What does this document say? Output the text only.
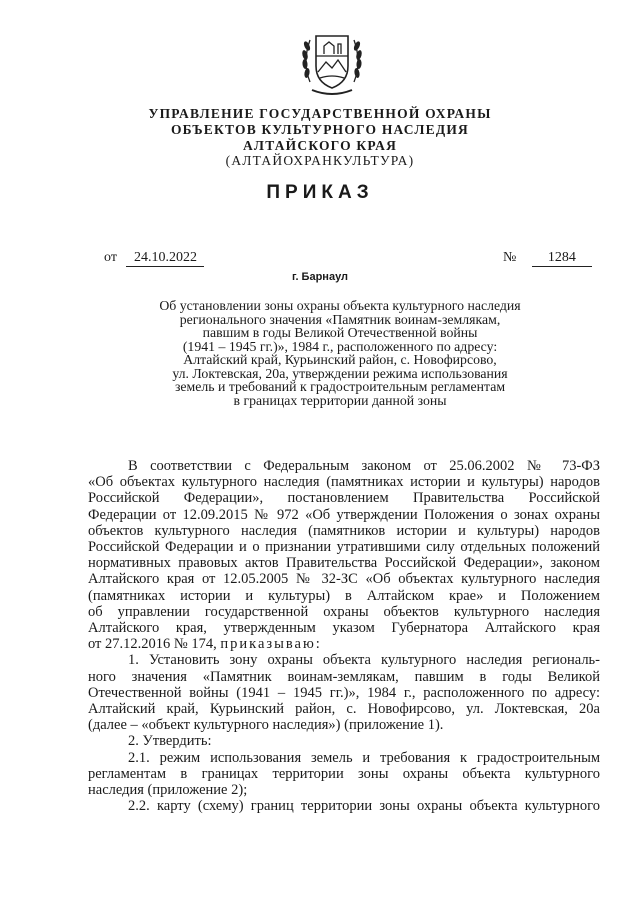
УПРАВЛЕНИЕ ГОСУДАРСТВЕННОЙ ОХРАНЫ
ОБЪЕКТОВ КУЛЬТУРНОГО НАСЛЕДИЯ
АЛТАЙСКОГО КРАЯ
(АЛТАЙОХРАНКУЛЬТУРА)
ПРИКАЗ
от 24.10.2022	№ 1284
г. Барнаул
Об установлении зоны охраны объекта культурного наследия
регионального значения «Памятник воинам-землякам,
павшим в годы Великой Отечественной войны
(1941 – 1945 гг.)», 1984 г., расположенного по адресу:
Алтайский край, Курьинский район, с. Новофирсово,
ул. Локтевская, 20а, утверждении режима использования
земель и требований к градостроительным регламентам
в границах территории данной зоны
В соответствии с Федеральным законом от 25.06.2002 № 73-ФЗ
«Об объектах культурного наследия (памятниках истории и культуры) народов
Российской Федерации», постановлением Правительства Российской
Федерации от 12.09.2015 № 972 «Об утверждении Положения о зонах охраны
объектов культурного наследия (памятников истории и культуры) народов
Российской Федерации и о признании утратившими силу отдельных положений
нормативных правовых актов Правительства Российской Федерации», законом
Алтайского края от 12.05.2005 № 32-ЗС «Об объектах культурного наследия
(памятниках истории и культуры) в Алтайском крае» и Положением
об управлении государственной охраны объектов культурного наследия
Алтайского края, утвержденным указом Губернатора Алтайского края
от 27.12.2016 № 174, приказываю:
1. Установить зону охраны объекта культурного наследия региональ-
ного значения «Памятник воинам-землякам, павшим в годы Великой
Отечественной войны (1941 – 1945 гг.)», 1984 г., расположенного по адресу:
Алтайский край, Курьинский район, с. Новофирсово, ул. Локтевская, 20а
(далее – «объект культурного наследия») (приложение 1).
2. Утвердить:
2.1. режим использования земель и требования к градостроительным
регламентам в границах территории зоны охраны объекта культурного
наследия (приложение 2);
2.2. карту (схему) границ территории зоны охраны объекта культурного
